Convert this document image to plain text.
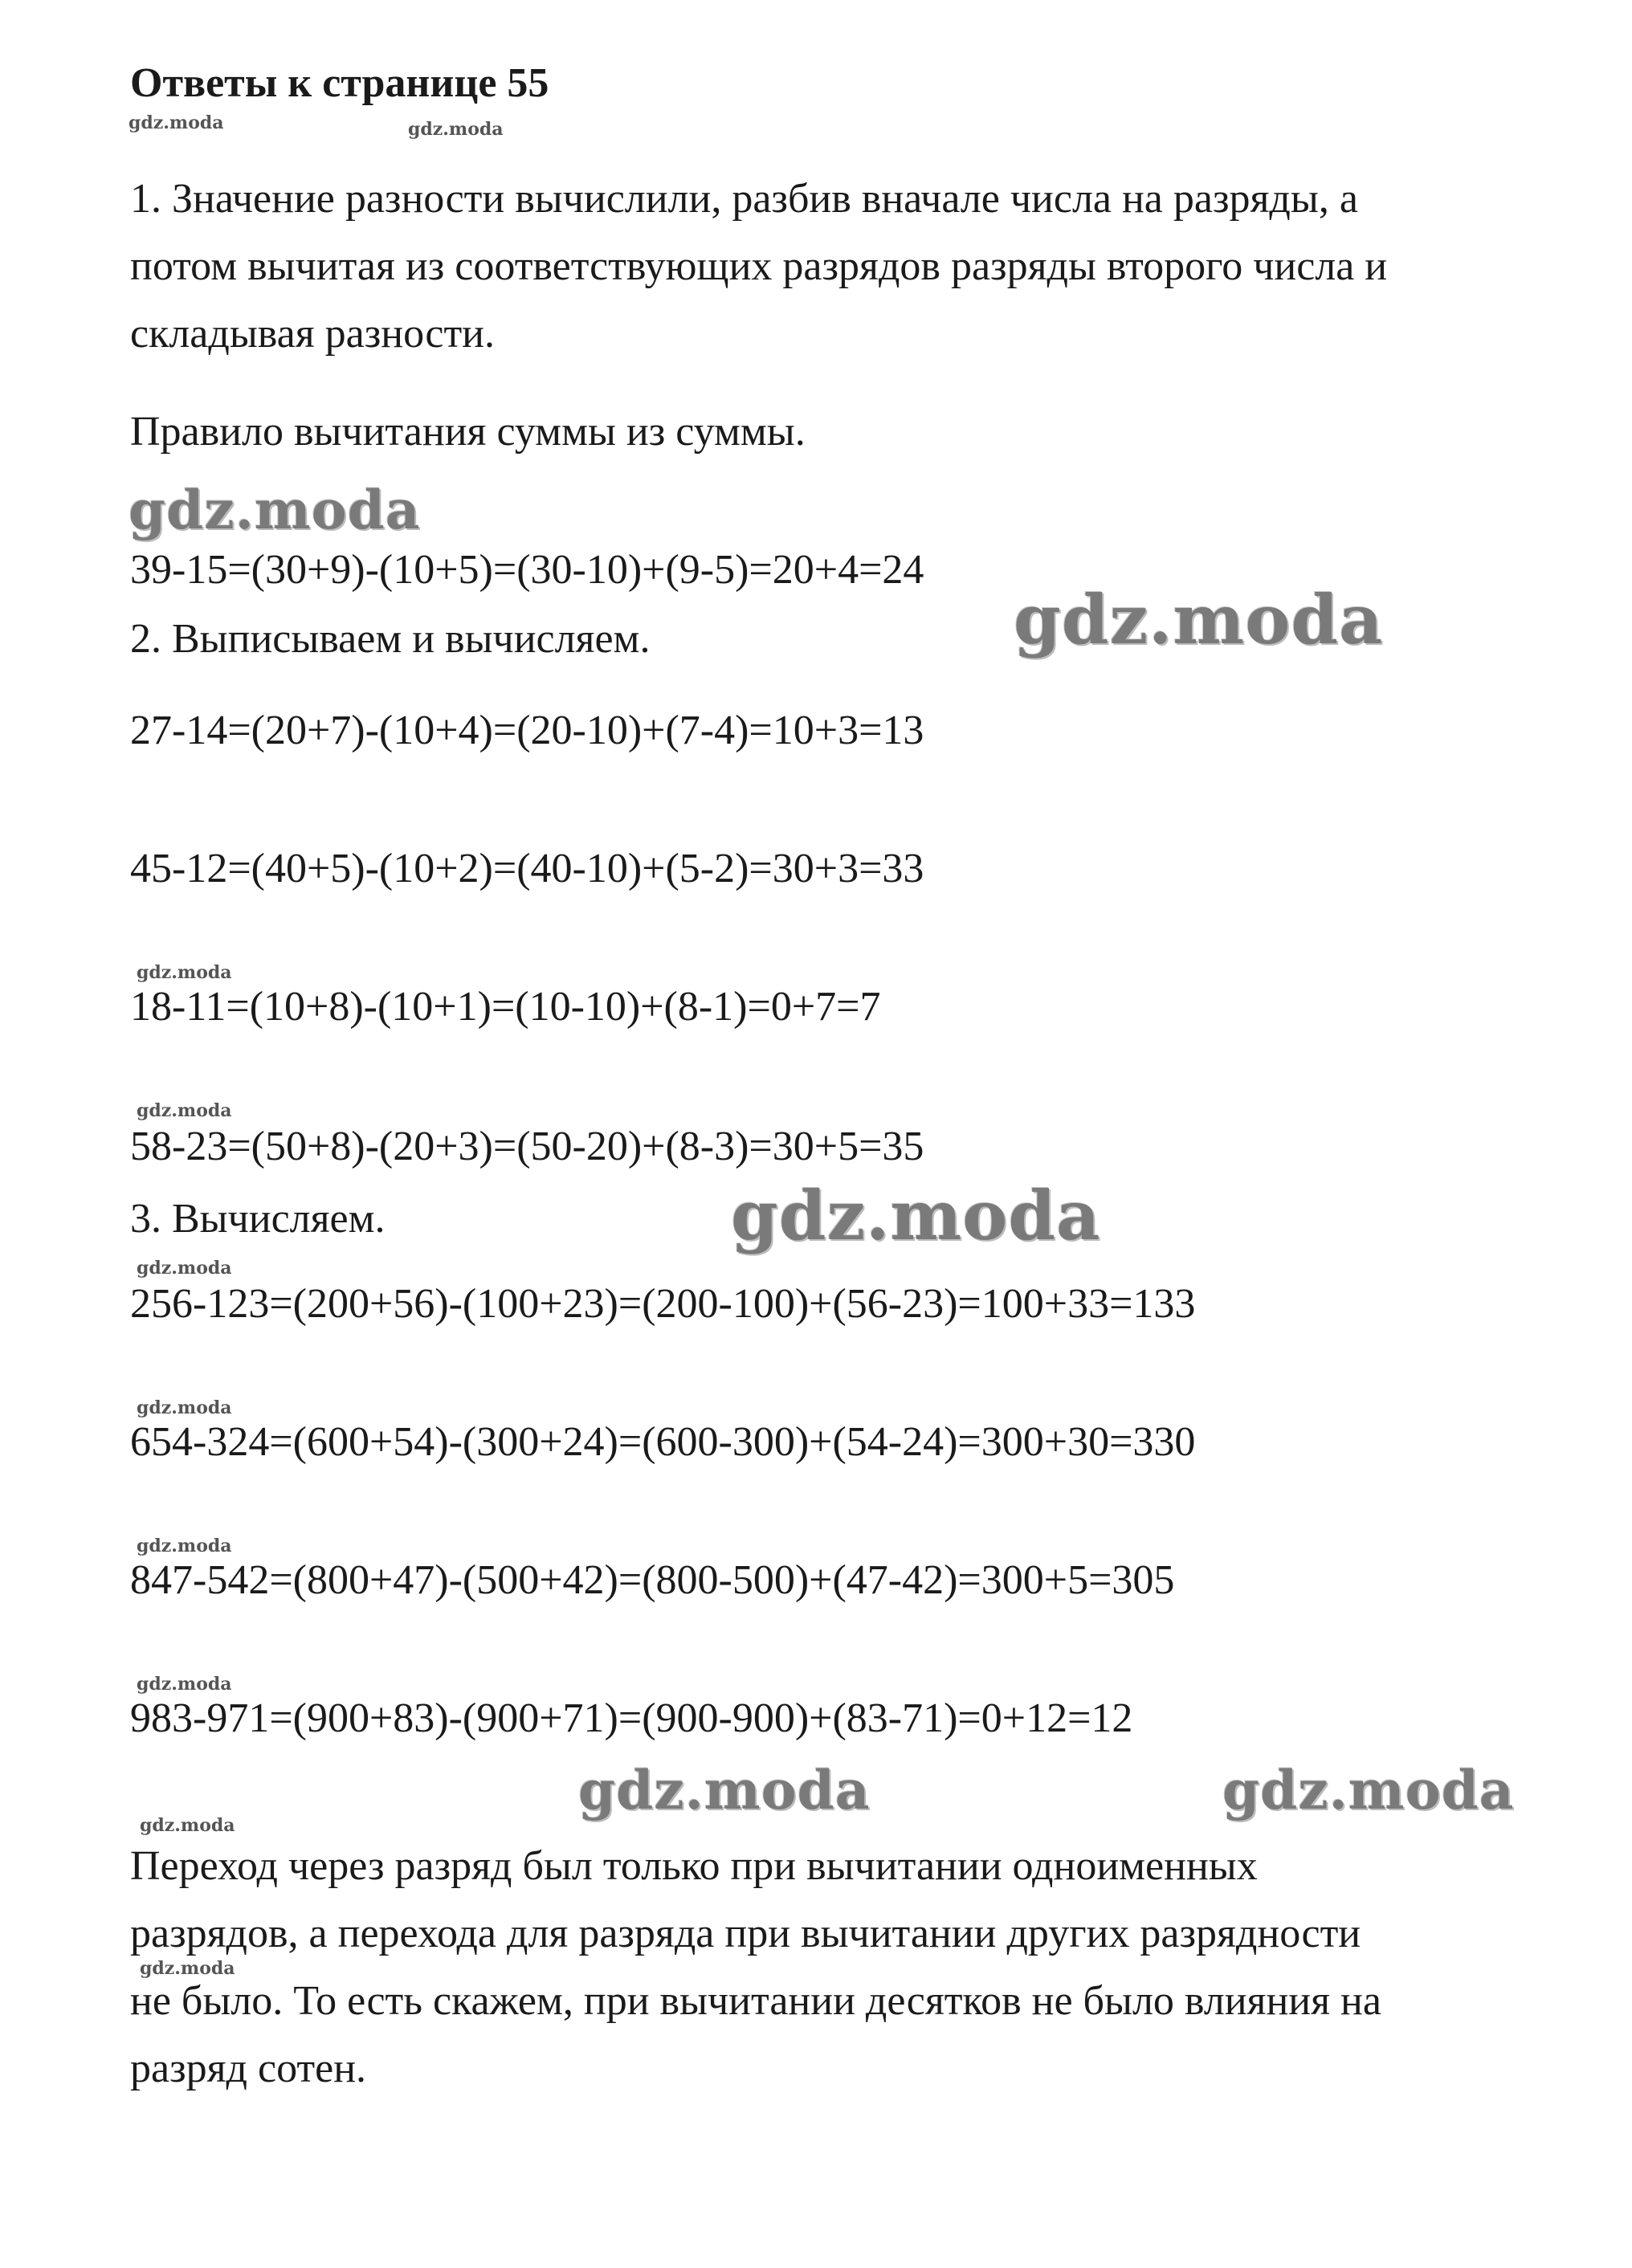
Ответы к странице 55
gdz.moda	gdz.moda
1. Значение разности вычислили, разбив вначале числа на разряды, а
потом вычитая из соответствующих разрядов разряды второго числа и
складывая разности.
Правило вычитания суммы из суммы.
gdz.moda
39-15=(30+9)-(10+5)=(30-10)+(9-5)=20+4=24
2. Выписываем и вычисляем.	gdz.moda
27-14=(20+7)-(10+4)=(20-10)+(7-4)=10+3=13
45-12=(40+5)-(10+2)=(40-10)+(5-2)=30+3=33
gdz.moda
18-11=(10+8)-(10+1)=(10-10)+(8-1)=0+7=7
gdz.moda
58-23=(50+8)-(20+3)=(50-20)+(8-3)=30+5=35
3. Вычисляем.	gdz.moda
gdz.moda
256-123=(200+56)-(100+23)=(200-100)+(56-23)=100+33=133
gdz.moda
654-324=(600+54)-(300+24)=(600-300)+(54-24)=300+30=330
gdz.moda
847-542=(800+47)-(500+42)=(800-500)+(47-42)=300+5=305
gdz.moda
983-971=(900+83)-(900+71)=(900-900)+(83-71)=0+12=12
gdz.moda	gdz.moda
gdz.moda
Переход через разряд был только при вычитании одноименных
разрядов, а перехода для разряда при вычитании других разрядности
gdz.moda
не было. То есть скажем, при вычитании десятков не было влияния на
разряд сотен.
